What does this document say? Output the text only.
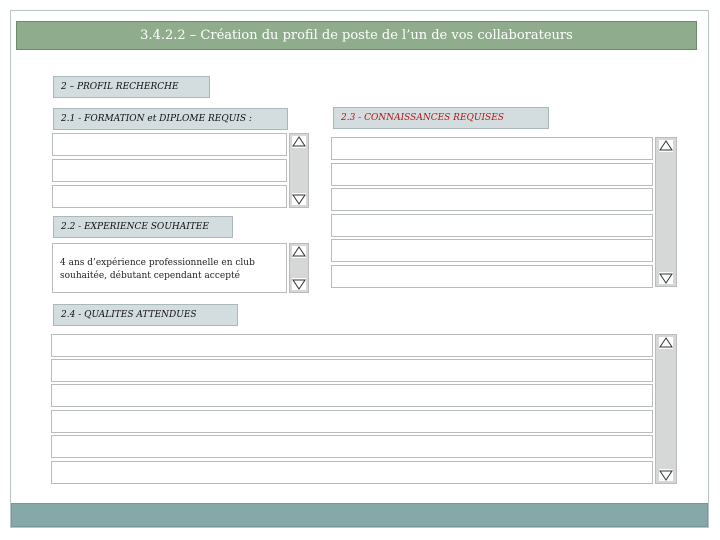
3.4.2.2 – Création du profil de poste de l’un de vos collaborateurs
2 – PROFIL RECHERCHE
2.1 - FORMATION et DIPLOME REQUIS :	2.3 - CONNAISSANCES REQUISES
2.2 - EXPERIENCE SOUHAITEE
4 ans d’expérience professionnelle en club
souhaitée, débutant cependant accepté
2.4 - QUALITES ATTENDUES
